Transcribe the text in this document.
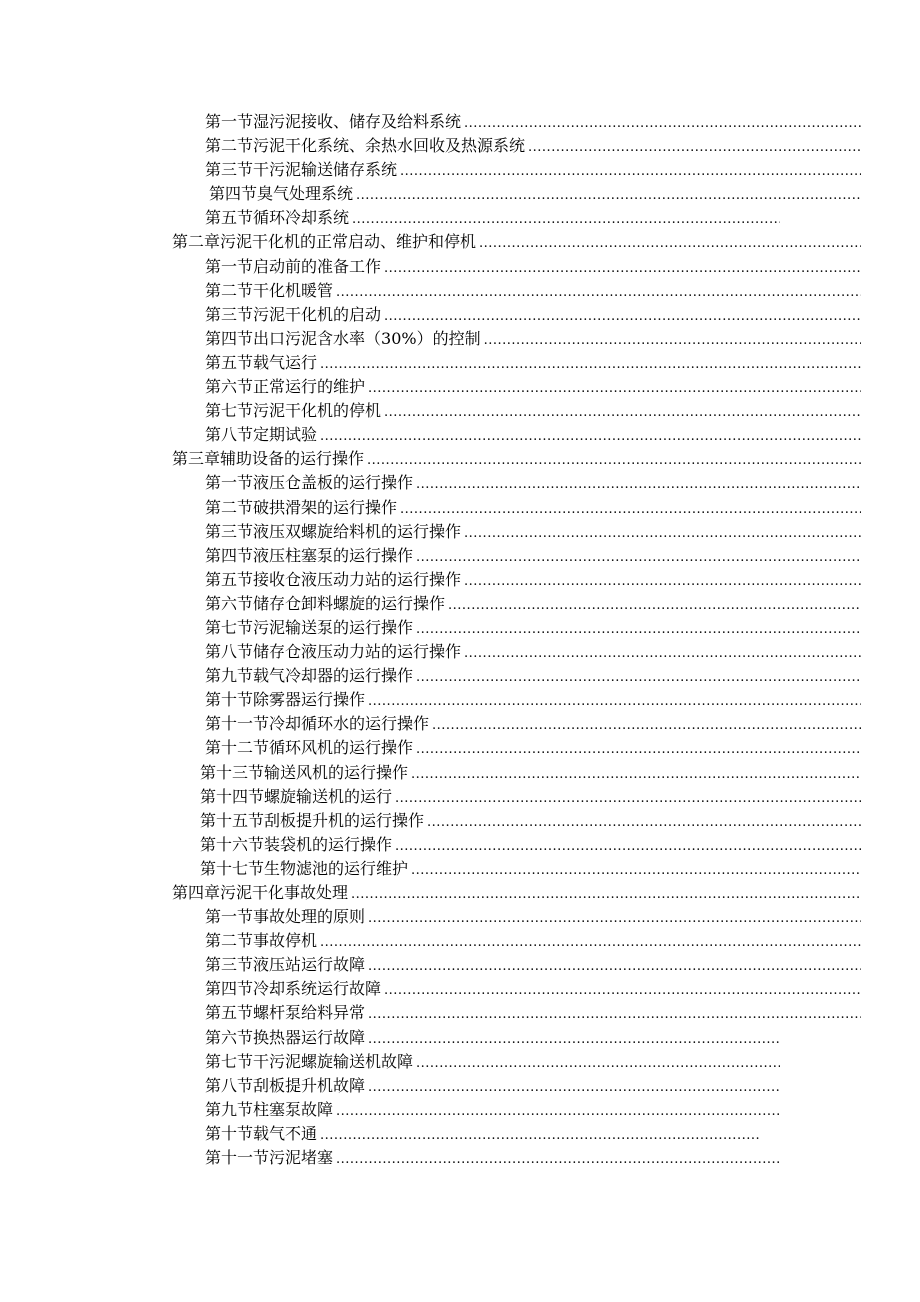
第一节 湿污泥接收、储存及给料系统
.....
第二节 污泥干化系统、余热水回收及热源系统
.....
第三节 干污泥输送储存系统
.....
第四节 臭气处理系统
.....
第五节 循环冷却系统
.....
第二章 污泥干化机的正常启动、维护和停机
.....
第一节 启动前的准备工作
.....
第二节 干化机暖管
.....
第三节 污泥干化机的启动
.....
第四节 出口污泥含水率（30%）的控制
.....
第五节 载气运行
.....
第六节 正常运行的维护
.....
第七节 污泥干化机的停机
.....
第八节 定期试验
.....
第三章 辅助设备的运行操作
.....
第一节 液压仓盖板的运行操作
.....
第二节 破拱滑架的运行操作
.....
第三节 液压双螺旋给料机的运行操作
.....
第四节 液压柱塞泵的运行操作
.....
第五节 接收仓液压动力站的运行操作
.....
第六节 储存仓卸料螺旋的运行操作
.....
第七节 污泥输送泵的运行操作
.....
第八节 储存仓液压动力站的运行操作
.....
第九节 载气冷却器的运行操作
.....
第十节 除雾器运行操作
.....
第十一节 冷却循环水的运行操作
.....
第十二节 循环风机的运行操作
.....
第十三节 输送风机的运行操作
.....
第十四节 螺旋输送机的运行
.....
第十五节 刮板提升机的运行操作
.....
第十六节 装袋机的运行操作
.....
第十七节 生物滤池的运行维护
.....
第四章 污泥干化事故处理
.....
第一节 事故处理的原则
.....
第二节 事故停机
.....
第三节 液压站运行故障
.....
第四节 冷却系统运行故障
.....
第五节 螺杆泵给料异常
.....
第六节 换热器运行故障
.....
第七节 干污泥螺旋输送机故障
.....
第八节 刮板提升机故障
.....
第九节 柱塞泵故障
.....
第十节 载气不通
.....
第十一节 污泥堵塞
.....
